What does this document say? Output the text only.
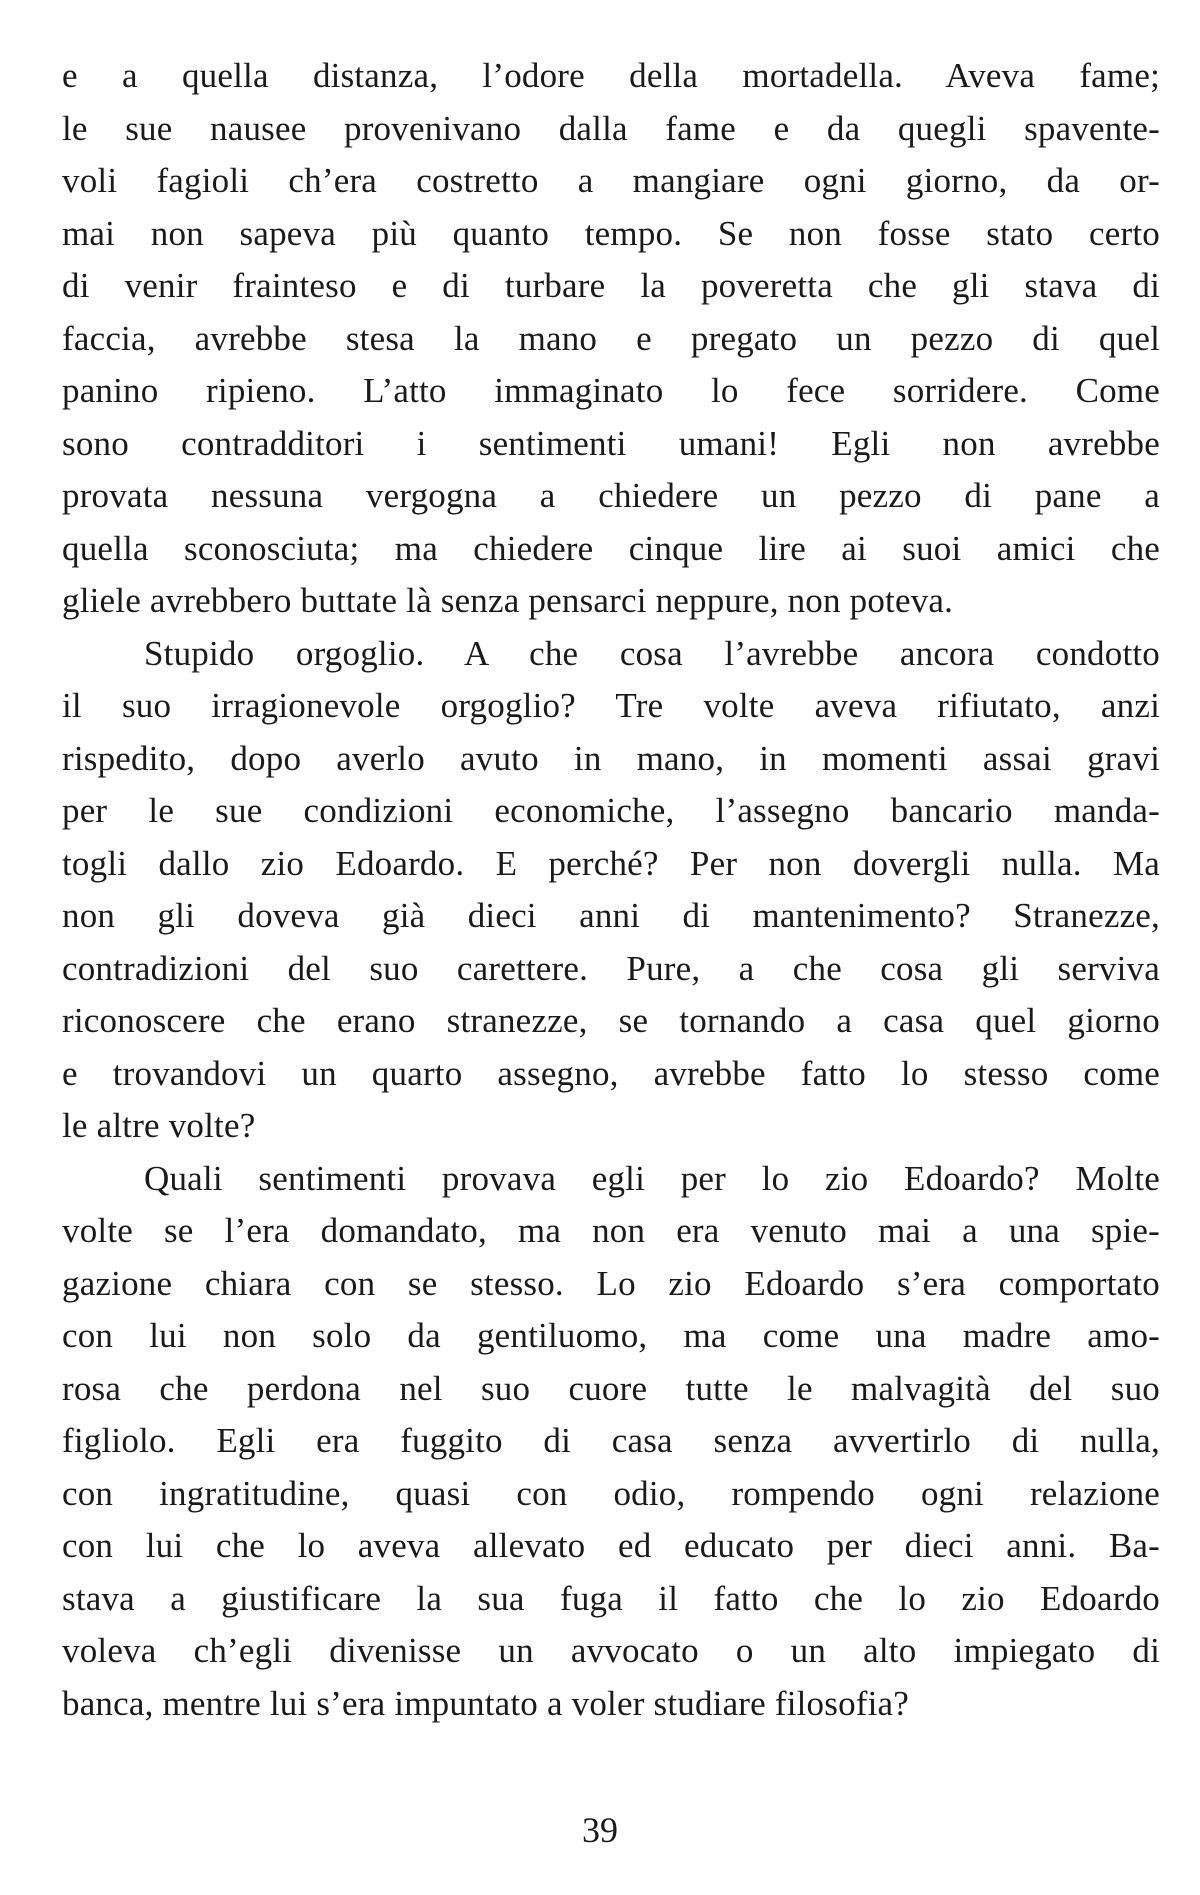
e a quella distanza, l’odore della mortadella. Aveva fame;
le sue nausee provenivano dalla fame e da quegli spavente-
voli fagioli ch’era costretto a mangiare ogni giorno, da or-
mai non sapeva più quanto tempo. Se non fosse stato certo
di venir frainteso e di turbare la poveretta che gli stava di
faccia, avrebbe stesa la mano e pregato un pezzo di quel
panino ripieno. L’atto immaginato lo fece sorridere. Come
sono contradditori i sentimenti umani! Egli non avrebbe
provata nessuna vergogna a chiedere un pezzo di pane a
quella sconosciuta; ma chiedere cinque lire ai suoi amici che
gliele avrebbero buttate là senza pensarci neppure, non poteva.

Stupido orgoglio. A che cosa l’avrebbe ancora condotto
il suo irragionevole orgoglio? Tre volte aveva rifiutato, anzi
rispedito, dopo averlo avuto in mano, in momenti assai gravi
per le sue condizioni economiche, l’assegno bancario manda-
togli dallo zio Edoardo. E perché? Per non dovergli nulla. Ma
non gli doveva già dieci anni di mantenimento? Stranezze,
contradizioni del suo carettere. Pure, a che cosa gli serviva
riconoscere che erano stranezze, se tornando a casa quel giorno
e trovandovi un quarto assegno, avrebbe fatto lo stesso come
le altre volte?

Quali sentimenti provava egli per lo zio Edoardo? Molte
volte se l’era domandato, ma non era venuto mai a una spie-
gazione chiara con se stesso. Lo zio Edoardo s’era comportato
con lui non solo da gentiluomo, ma come una madre amo-
rosa che perdona nel suo cuore tutte le malvagità del suo
figliolo. Egli era fuggito di casa senza avvertirlo di nulla,
con ingratitudine, quasi con odio, rompendo ogni relazione
con lui che lo aveva allevato ed educato per dieci anni. Ba-
stava a giustificare la sua fuga il fatto che lo zio Edoardo
voleva ch’egli divenisse un avvocato o un alto impiegato di
banca, mentre lui s’era impuntato a voler studiare filosofia?

39
